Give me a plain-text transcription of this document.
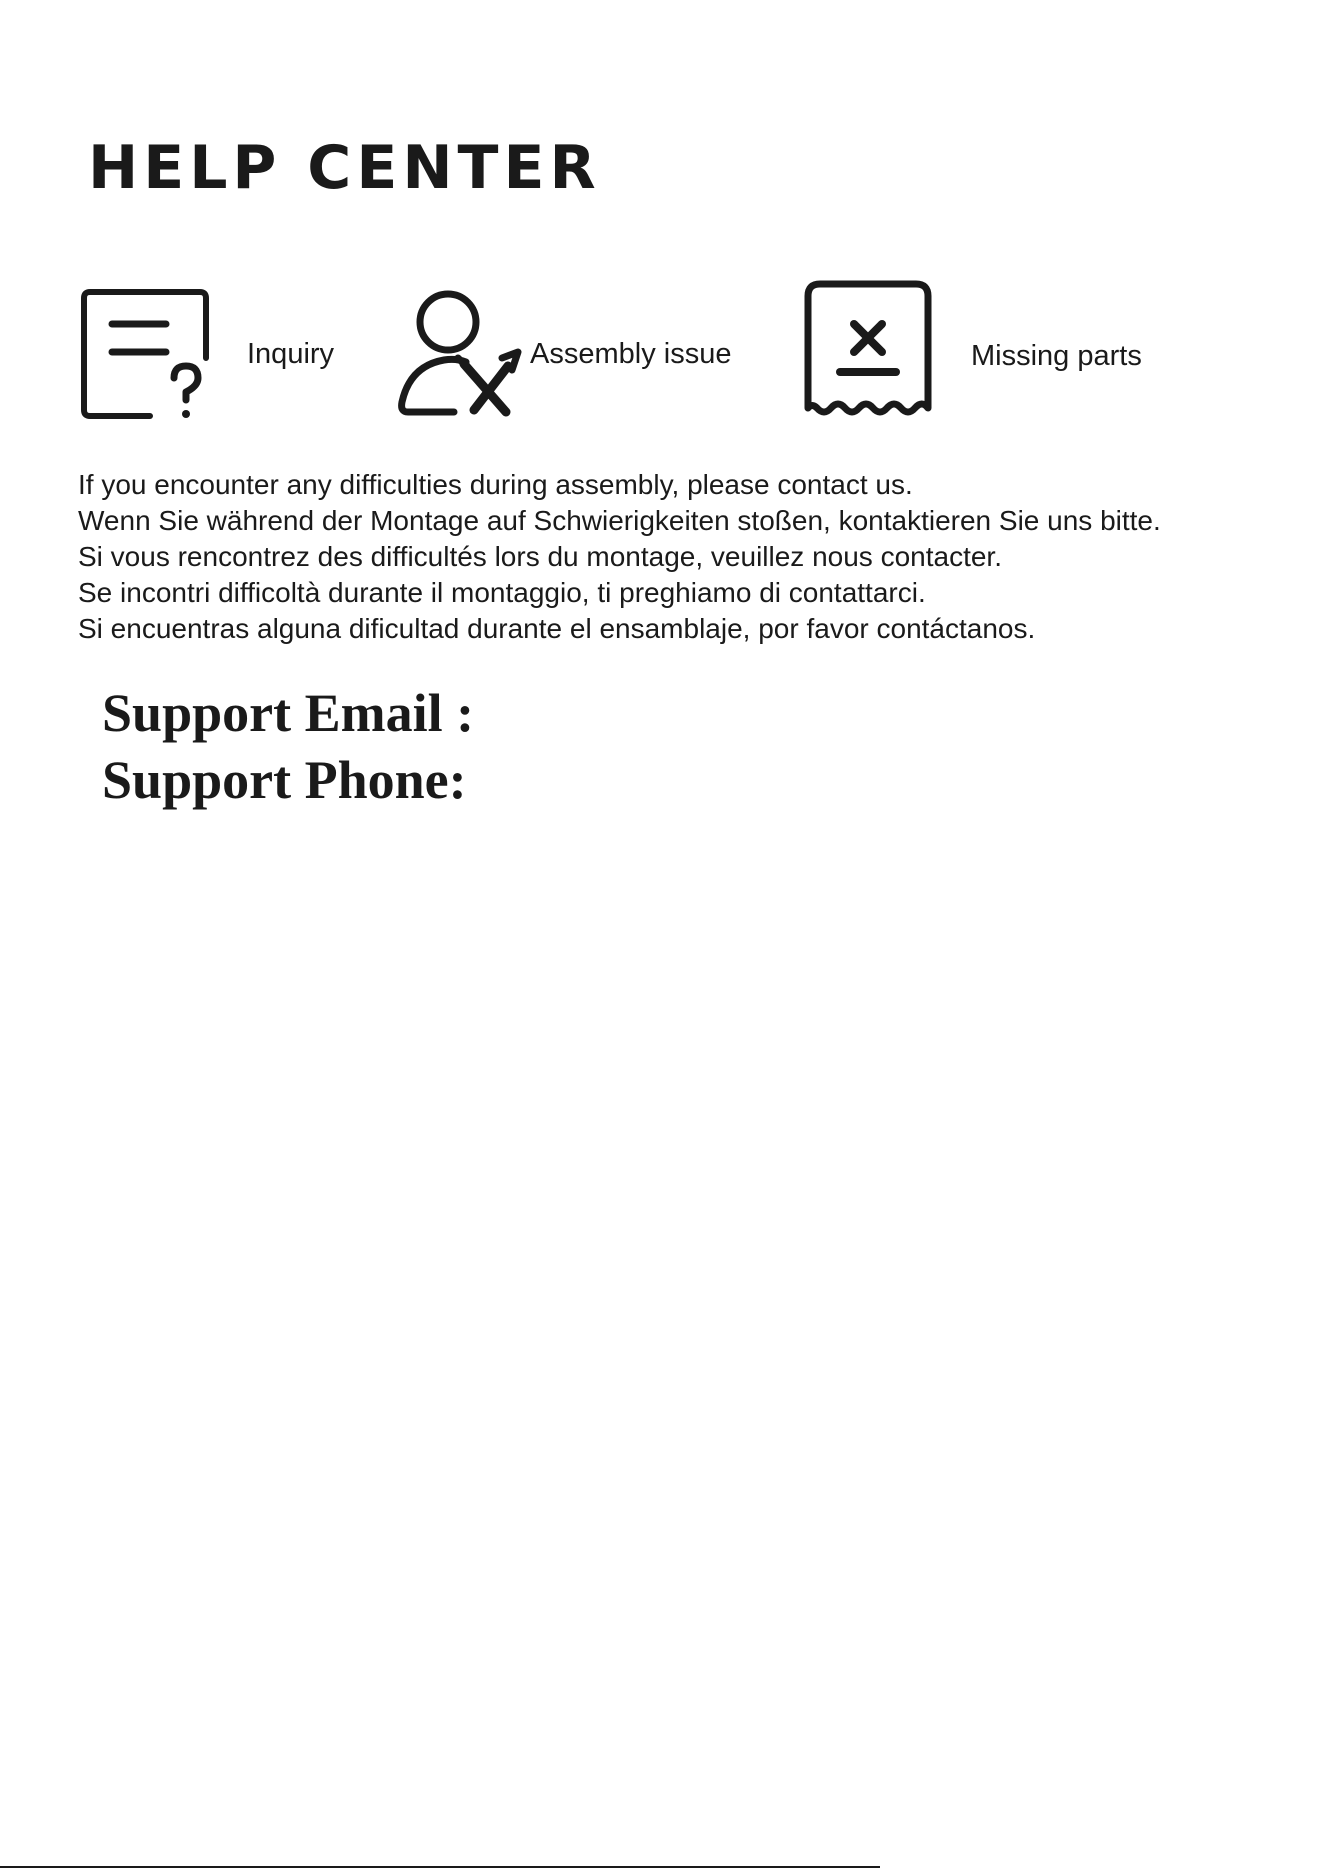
HELP CENTER
Inquiry	Assembly issue	Missing parts
If you encounter any difficulties during assembly, please contact us.
Wenn Sie während der Montage auf Schwierigkeiten stoßen, kontaktieren Sie uns bitte.
Si vous rencontrez des difficultés lors du montage, veuillez nous contacter.
Se incontri difficoltà durante il montaggio, ti preghiamo di contattarci.
Si encuentras alguna dificultad durante el ensamblaje, por favor contáctanos.
Support Email :
Support Phone:
